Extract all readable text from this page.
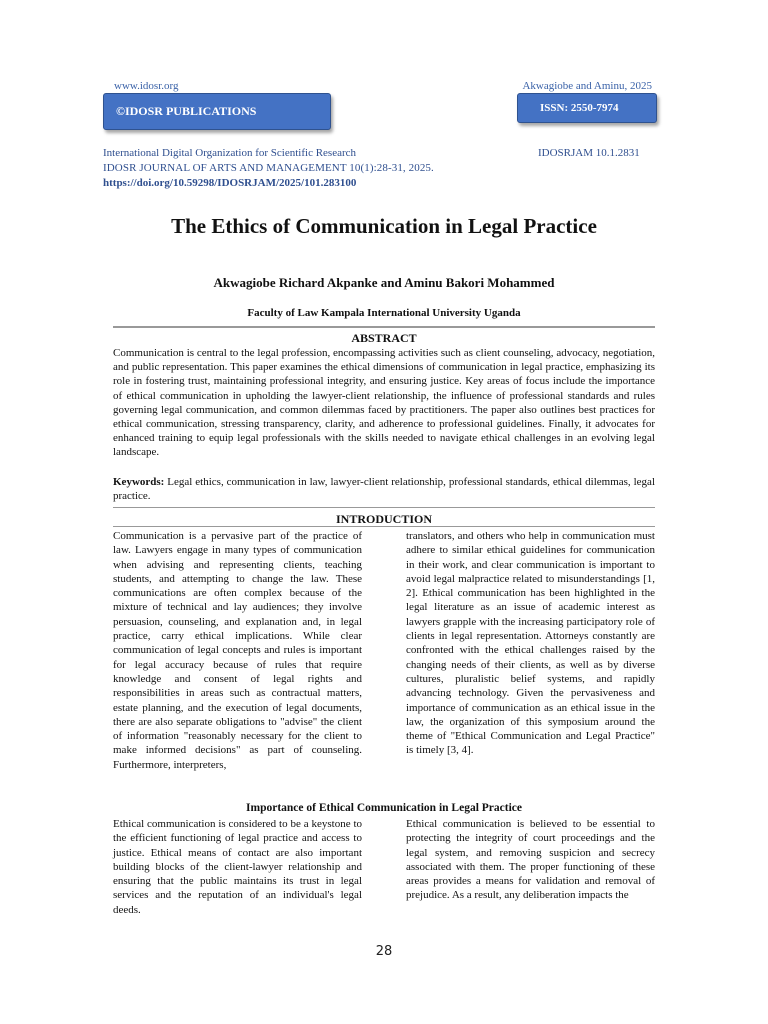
www.idosr.org	Akwagiobe and Aminu, 2025
©IDOSR PUBLICATIONS	ISSN: 2550-7974
International Digital Organization for Scientific Research	IDOSRJAM 10.1.2831
IDOSR JOURNAL OF ARTS AND MANAGEMENT 10(1):28-31, 2025.
https://doi.org/10.59298/IDOSRJAM/2025/101.283100
The Ethics of Communication in Legal Practice
Akwagiobe Richard Akpanke and Aminu Bakori Mohammed
Faculty of Law Kampala International University Uganda
ABSTRACT

Communication is central to the legal profession, encompassing activities such as client counseling, advocacy, negotiation, and public representation. This paper examines the ethical dimensions of communication in legal practice, emphasizing its role in fostering trust, maintaining professional integrity, and ensuring justice. Key areas of focus include the importance of ethical communication in upholding the lawyer-client relationship, the influence of professional standards and rules governing legal communication, and common dilemmas faced by practitioners. The paper also outlines best practices for ethical communication, stressing transparency, clarity, and adherence to professional guidelines. Finally, it advocates for enhanced training to equip legal professionals with the skills needed to navigate ethical challenges in an evolving legal landscape.

Keywords: Legal ethics, communication in law, lawyer-client relationship, professional standards, ethical dilemmas, legal practice.

INTRODUCTION

Communication is a pervasive part of the practice of law. Lawyers engage in many types of communication when advising and representing clients, teaching students, and attempting to change the law. These communications are often complex because of the mixture of technical and lay audiences; they involve persuasion, counseling, and explanation and, in legal practice, carry ethical implications. While clear communication of legal concepts and rules is important for legal accuracy because of rules that require knowledge and consent of legal rights and responsibilities in areas such as contractual matters, estate planning, and the execution of legal documents, there are also separate obligations to "advise" the client of information "reasonably necessary for the client to make informed decisions" as part of counseling. Furthermore, interpreters,

translators, and others who help in communication must adhere to similar ethical guidelines for communication in their work, and clear communication is important to avoid legal malpractice related to misunderstandings [1, 2]. Ethical communication has been highlighted in the legal literature as an issue of academic interest as lawyers grapple with the increasing participatory role of clients in legal representation. Attorneys constantly are confronted with the ethical challenges raised by the changing needs of their clients, as well as by diverse cultures, pluralistic belief systems, and rapidly advancing technology. Given the pervasiveness and importance of communication as an ethical issue in the law, the organization of this symposium around the theme of "Ethical Communication and Legal Practice" is timely [3, 4].

Importance of Ethical Communication in Legal Practice

Ethical communication is considered to be a keystone to the efficient functioning of legal practice and access to justice. Ethical means of contact are also important building blocks of the client-lawyer relationship and ensuring that the public maintains its trust in legal services and the reputation of an individual's legal deeds.

Ethical communication is believed to be essential to protecting the integrity of court proceedings and the legal system, and removing suspicion and secrecy associated with them. The proper functioning of these areas provides a means for validation and removal of prejudice. As a result, any deliberation impacts the

28
